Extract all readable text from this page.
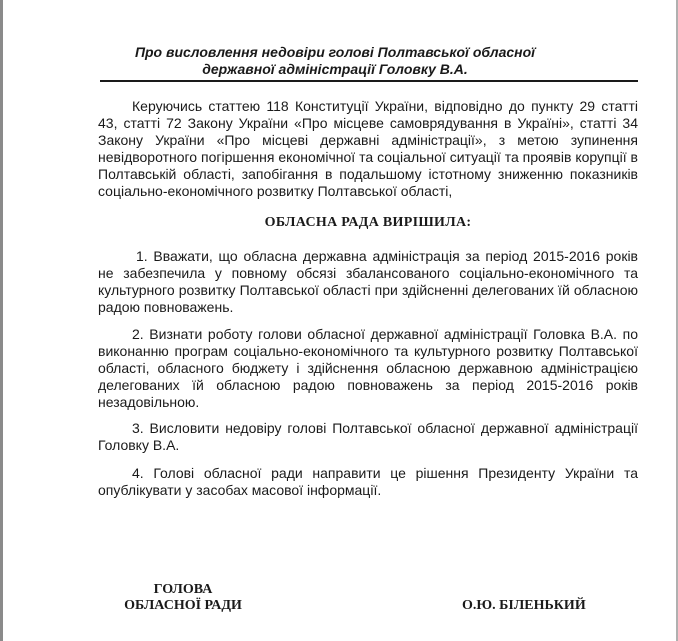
Про висловлення недовіри голові Полтавської обласної державної адміністрації Головку В.А.

Керуючись статтею 118 Конституції України, відповідно до пункту 29 статті 43, статті 72 Закону України «Про місцеве самоврядування в Україні», статті 34 Закону України «Про місцеві державні адміністрації», з метою зупинення невідворотного погіршення економічної та соціальної ситуації та проявів корупції в Полтавській області, запобігання в подальшому істотному зниженню показників соціально-економічного розвитку Полтавської області,

ОБЛАСНА РАДА ВИРІШИЛА:

1. Вважати, що обласна державна адміністрація за період 2015-2016 років не забезпечила у повному обсязі збалансованого соціально-економічного та культурного розвитку Полтавської області при здійсненні делегованих їй обласною радою повноважень.

2. Визнати роботу голови обласної державної адміністрації Головка В.А. по виконанню програм соціально-економічного та культурного розвитку Полтавської області, обласного бюджету і здійснення обласною державною адміністрацією делегованих їй обласною радою повноважень за період 2015-2016 років незадовільною.

3. Висловити недовіру голові Полтавської обласної державної адміністрації Головку В.А.

4. Голові обласної ради направити це рішення Президенту України та опублікувати у засобах масової інформації.

ГОЛОВА
ОБЛАСНОЇ РАДИ	О.Ю. БІЛЕНЬКИЙ
